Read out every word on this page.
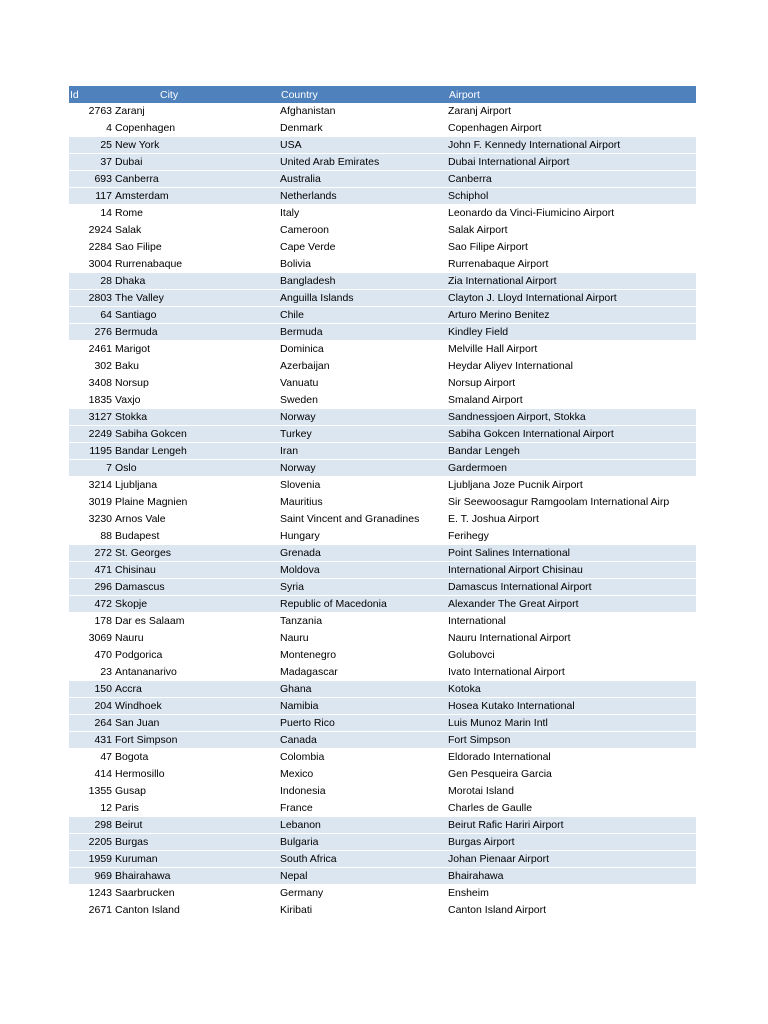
Id	City	Country	Airport
2763	Zaranj	Afghanistan	Zaranj Airport
4	Copenhagen	Denmark	Copenhagen Airport
25	New York	USA	John F. Kennedy International Airport
37	Dubai	United Arab Emirates	Dubai International Airport
693	Canberra	Australia	Canberra
117	Amsterdam	Netherlands	Schiphol
14	Rome	Italy	Leonardo da Vinci-Fiumicino Airport
2924	Salak	Cameroon	Salak Airport
2284	Sao Filipe	Cape Verde	Sao Filipe Airport
3004	Rurrenabaque	Bolivia	Rurrenabaque Airport
28	Dhaka	Bangladesh	Zia International Airport
2803	The Valley	Anguilla Islands	Clayton J. Lloyd International Airport
64	Santiago	Chile	Arturo Merino Benitez
276	Bermuda	Bermuda	Kindley Field
2461	Marigot	Dominica	Melville Hall Airport
302	Baku	Azerbaijan	Heydar Aliyev International
3408	Norsup	Vanuatu	Norsup Airport
1835	Vaxjo	Sweden	Smaland Airport
3127	Stokka	Norway	Sandnessjoen Airport, Stokka
2249	Sabiha Gokcen	Turkey	Sabiha Gokcen International Airport
1195	Bandar Lengeh	Iran	Bandar Lengeh
7	Oslo	Norway	Gardermoen
3214	Ljubljana	Slovenia	Ljubljana Joze Pucnik Airport
3019	Plaine Magnien	Mauritius	Sir Seewoosagur Ramgoolam International Airp
3230	Arnos Vale	Saint Vincent and Granadines	E. T. Joshua Airport
88	Budapest	Hungary	Ferihegy
272	St. Georges	Grenada	Point Salines International
471	Chisinau	Moldova	International Airport Chisinau
296	Damascus	Syria	Damascus International Airport
472	Skopje	Republic of Macedonia	Alexander The Great Airport
178	Dar es Salaam	Tanzania	International
3069	Nauru	Nauru	Nauru International Airport
470	Podgorica	Montenegro	Golubovci
23	Antananarivo	Madagascar	Ivato International Airport
150	Accra	Ghana	Kotoka
204	Windhoek	Namibia	Hosea Kutako International
264	San Juan	Puerto Rico	Luis Munoz Marin Intl
431	Fort Simpson	Canada	Fort Simpson
47	Bogota	Colombia	Eldorado International
414	Hermosillo	Mexico	Gen Pesqueira Garcia
1355	Gusap	Indonesia	Morotai Island
12	Paris	France	Charles de Gaulle
298	Beirut	Lebanon	Beirut Rafic Hariri Airport
2205	Burgas	Bulgaria	Burgas Airport
1959	Kuruman	South Africa	Johan Pienaar Airport
969	Bhairahawa	Nepal	Bhairahawa
1243	Saarbrucken	Germany	Ensheim
2671	Canton Island	Kiribati	Canton Island Airport
